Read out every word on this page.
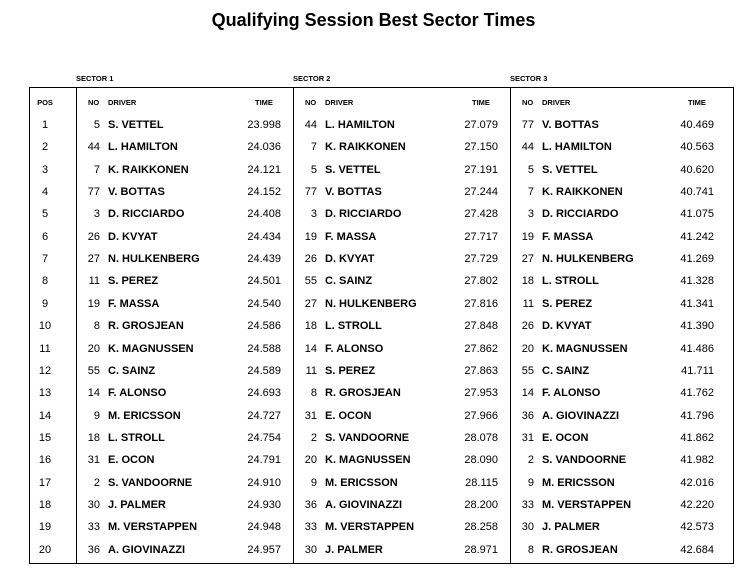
Qualifying Session Best Sector Times
SECTOR 1	SECTOR 2	SECTOR 3
POS	NO DRIVER	TIME	NO DRIVER	TIME	NO DRIVER	TIME
1	5 S. VETTEL	23.998	44 L. HAMILTON	27.079	77 V. BOTTAS	40.469
2	44 L. HAMILTON	24.036	7 K. RAIKKONEN	27.150	44 L. HAMILTON	40.563
3	7 K. RAIKKONEN	24.121	5 S. VETTEL	27.191	5 S. VETTEL	40.620
4	77 V. BOTTAS	24.152	77 V. BOTTAS	27.244	7 K. RAIKKONEN	40.741
5	3 D. RICCIARDO	24.408	3 D. RICCIARDO	27.428	3 D. RICCIARDO	41.075
6	26 D. KVYAT	24.434	19 F. MASSA	27.717	19 F. MASSA	41.242
7	27 N. HULKENBERG	24.439	26 D. KVYAT	27.729	27 N. HULKENBERG	41.269
8	11 S. PEREZ	24.501	55 C. SAINZ	27.802	18 L. STROLL	41.328
9	19 F. MASSA	24.540	27 N. HULKENBERG	27.816	11 S. PEREZ	41.341
10	8 R. GROSJEAN	24.586	18 L. STROLL	27.848	26 D. KVYAT	41.390
11	20 K. MAGNUSSEN	24.588	14 F. ALONSO	27.862	20 K. MAGNUSSEN	41.486
12	55 C. SAINZ	24.589	11 S. PEREZ	27.863	55 C. SAINZ	41.711
13	14 F. ALONSO	24.693	8 R. GROSJEAN	27.953	14 F. ALONSO	41.762
14	9 M. ERICSSON	24.727	31 E. OCON	27.966	36 A. GIOVINAZZI	41.796
15	18 L. STROLL	24.754	2 S. VANDOORNE	28.078	31 E. OCON	41.862
16	31 E. OCON	24.791	20 K. MAGNUSSEN	28.090	2 S. VANDOORNE	41.982
17	2 S. VANDOORNE	24.910	9 M. ERICSSON	28.115	9 M. ERICSSON	42.016
18	30 J. PALMER	24.930	36 A. GIOVINAZZI	28.200	33 M. VERSTAPPEN	42.220
19	33 M. VERSTAPPEN	24.948	33 M. VERSTAPPEN	28.258	30 J. PALMER	42.573
20	36 A. GIOVINAZZI	24.957	30 J. PALMER	28.971	8 R. GROSJEAN	42.684
